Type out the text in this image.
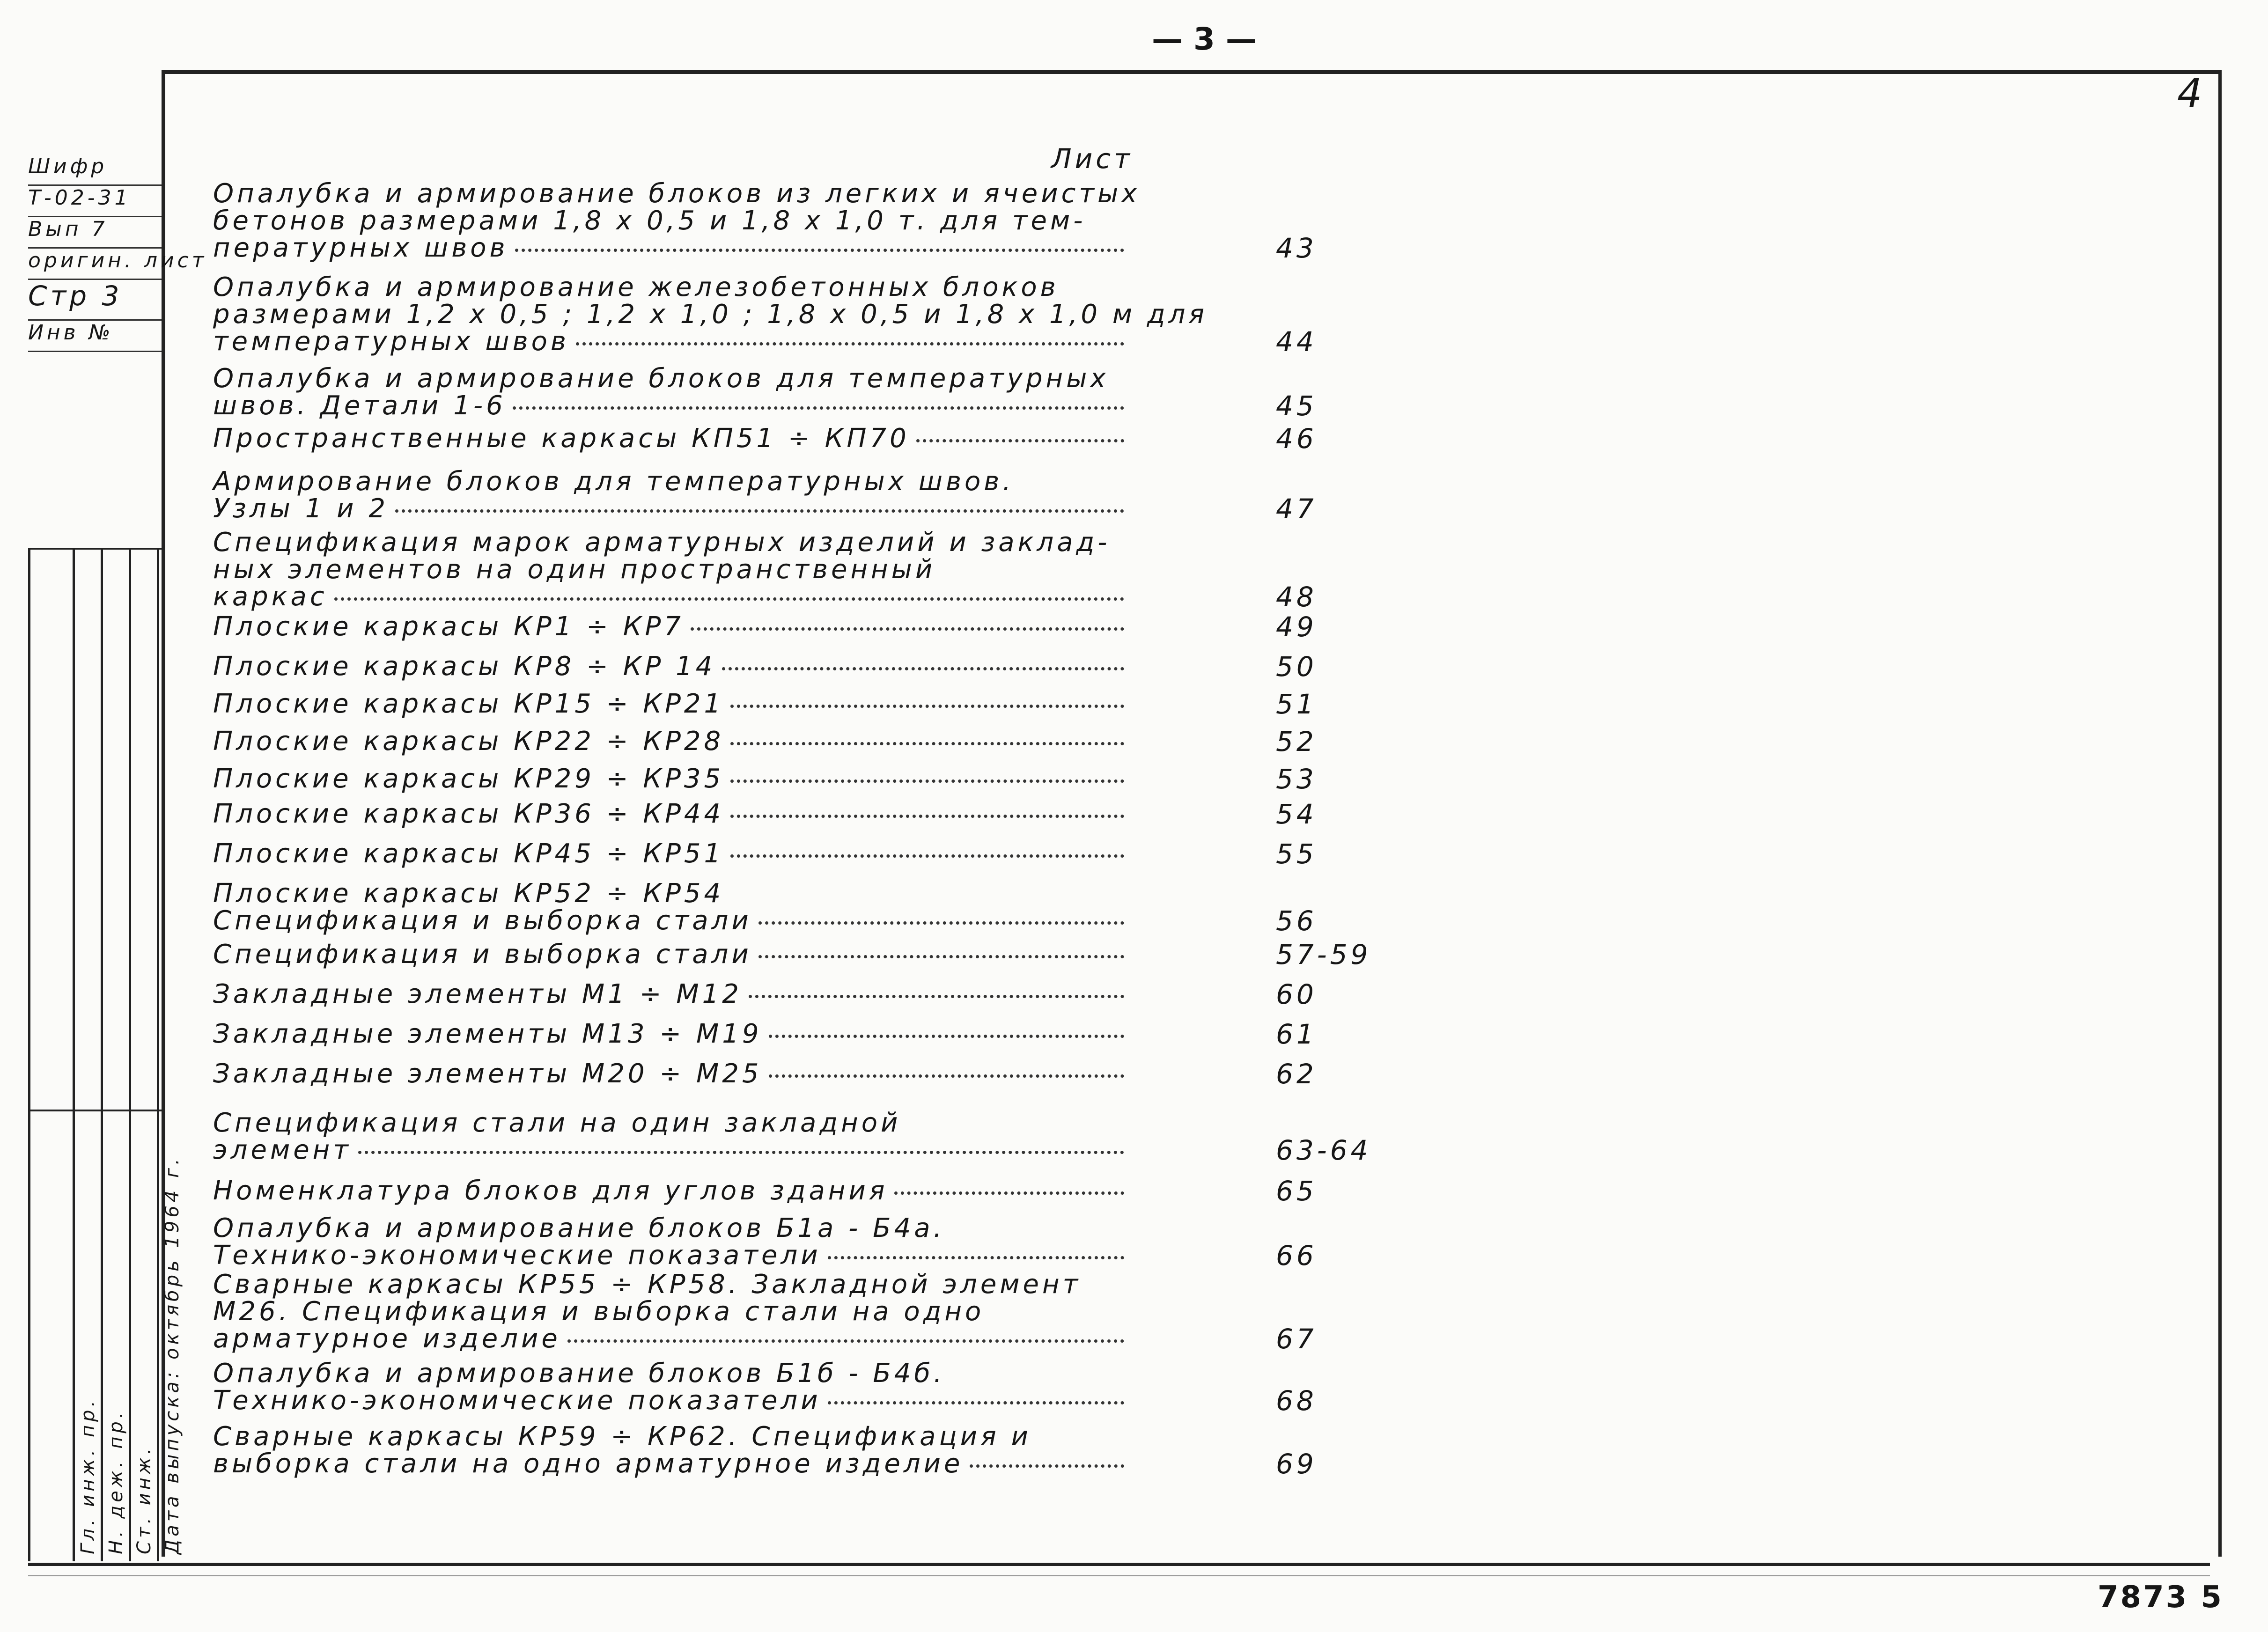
— 3 —
4
7873 5
Шифр
Т-02-31
Вып 7
оригин. лист
Стр 3
Инв №
Гл. инж. пр. Н. деж. пр. Ст. инж. Дата выпуска: октябрь 1964 г.
Лист
Опалубка и армирование блоков из легких и ячеистых
бетонов размерами 1,8 х 0,5 и 1,8 х 1,0 т. для тем-
пературных швов	43
Опалубка и армирование железобетонных блоков
размерами 1,2 х 0,5 ; 1,2 х 1,0 ; 1,8 х 0,5 и 1,8 х 1,0 м для
температурных швов	44
Опалубка и армирование блоков для температурных
швов. Детали 1-6	45
Пространственные каркасы КП51 ÷ КП70	46
Армирование блоков для температурных швов.
Узлы 1 и 2	47
Спецификация марок арматурных изделий и заклад-
ных элементов на один пространственный
каркас	48
Плоские каркасы КР1 ÷ КР7	49
Плоские каркасы КР8 ÷ КР 14	50
Плоские каркасы КР15 ÷ КР21	51
Плоские каркасы КР22 ÷ КР28	52
Плоские каркасы КР29 ÷ КР35	53
Плоские каркасы КР36 ÷ КР44	54
Плоские каркасы КР45 ÷ КР51	55
Плоские каркасы КР52 ÷ КР54
Спецификация и выборка стали	56
Спецификация и выборка стали	57-59
Закладные элементы М1 ÷ М12	60
Закладные элементы М13 ÷ М19	61
Закладные элементы М20 ÷ М25	62
Спецификация стали на один закладной
элемент	63-64
Номенклатура блоков для углов здания	65
Опалубка и армирование блоков Б1а - Б4а.
Технико-экономические показатели	66
Сварные каркасы КР55 ÷ КР58. Закладной элемент
М26. Спецификация и выборка стали на одно
арматурное изделие	67
Опалубка и армирование блоков Б1б - Б4б.
Технико-экономические показатели	68
Сварные каркасы КР59 ÷ КР62. Спецификация и
выборка стали на одно арматурное изделие	69
